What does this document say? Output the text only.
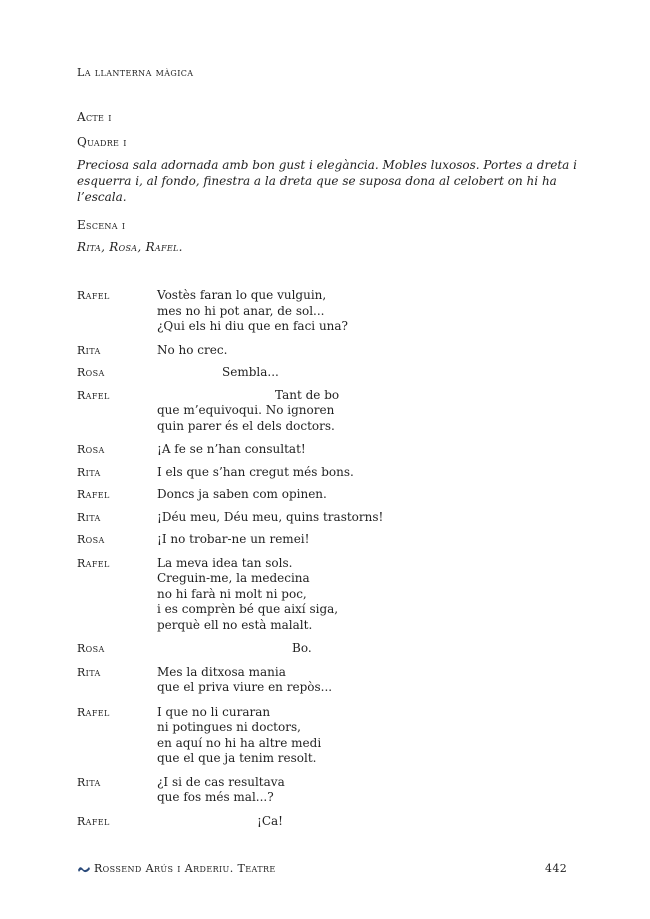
La llanterna màgica
Acte i
Quadre i
Preciosa sala adornada amb bon gust i elegància. Mobles luxosos. Portes a dreta i esquerra i, al fondo, finestra a la dreta que se suposa dona al celobert on hi ha l’escala.
Escena i
Rita, Rosa, Rafel.
Rafel	Vostès faran lo que vulguin,
mes no hi pot anar, de sol...
¿Qui els hi diu que en faci una?
Rita	No ho crec.
Rosa	Sembla...
Rafel	Tant de bo
que m’equivoqui. No ignoren
quin parer és el dels doctors.
Rosa	¡A fe se n’han consultat!
Rita	I els que s’han cregut més bons.
Rafel	Doncs ja saben com opinen.
Rita	¡Déu meu, Déu meu, quins trastorns!
Rosa	¡I no trobar-ne un remei!
Rafel	La meva idea tan sols.
Creguin-me, la medecina
no hi farà ni molt ni poc,
i es comprèn bé que així siga,
perquè ell no està malalt.
Rosa	Bo.
Rita	Mes la ditxosa mania
que el priva viure en repòs...
Rafel	I que no li curaran
ni potingues ni doctors,
en aquí no hi ha altre medi
que el que ja tenim resolt.
Rita	¿I si de cas resultava
que fos més mal...?
Rafel	¡Ca!
Rossend Arús i Arderiu. Teatre	442
